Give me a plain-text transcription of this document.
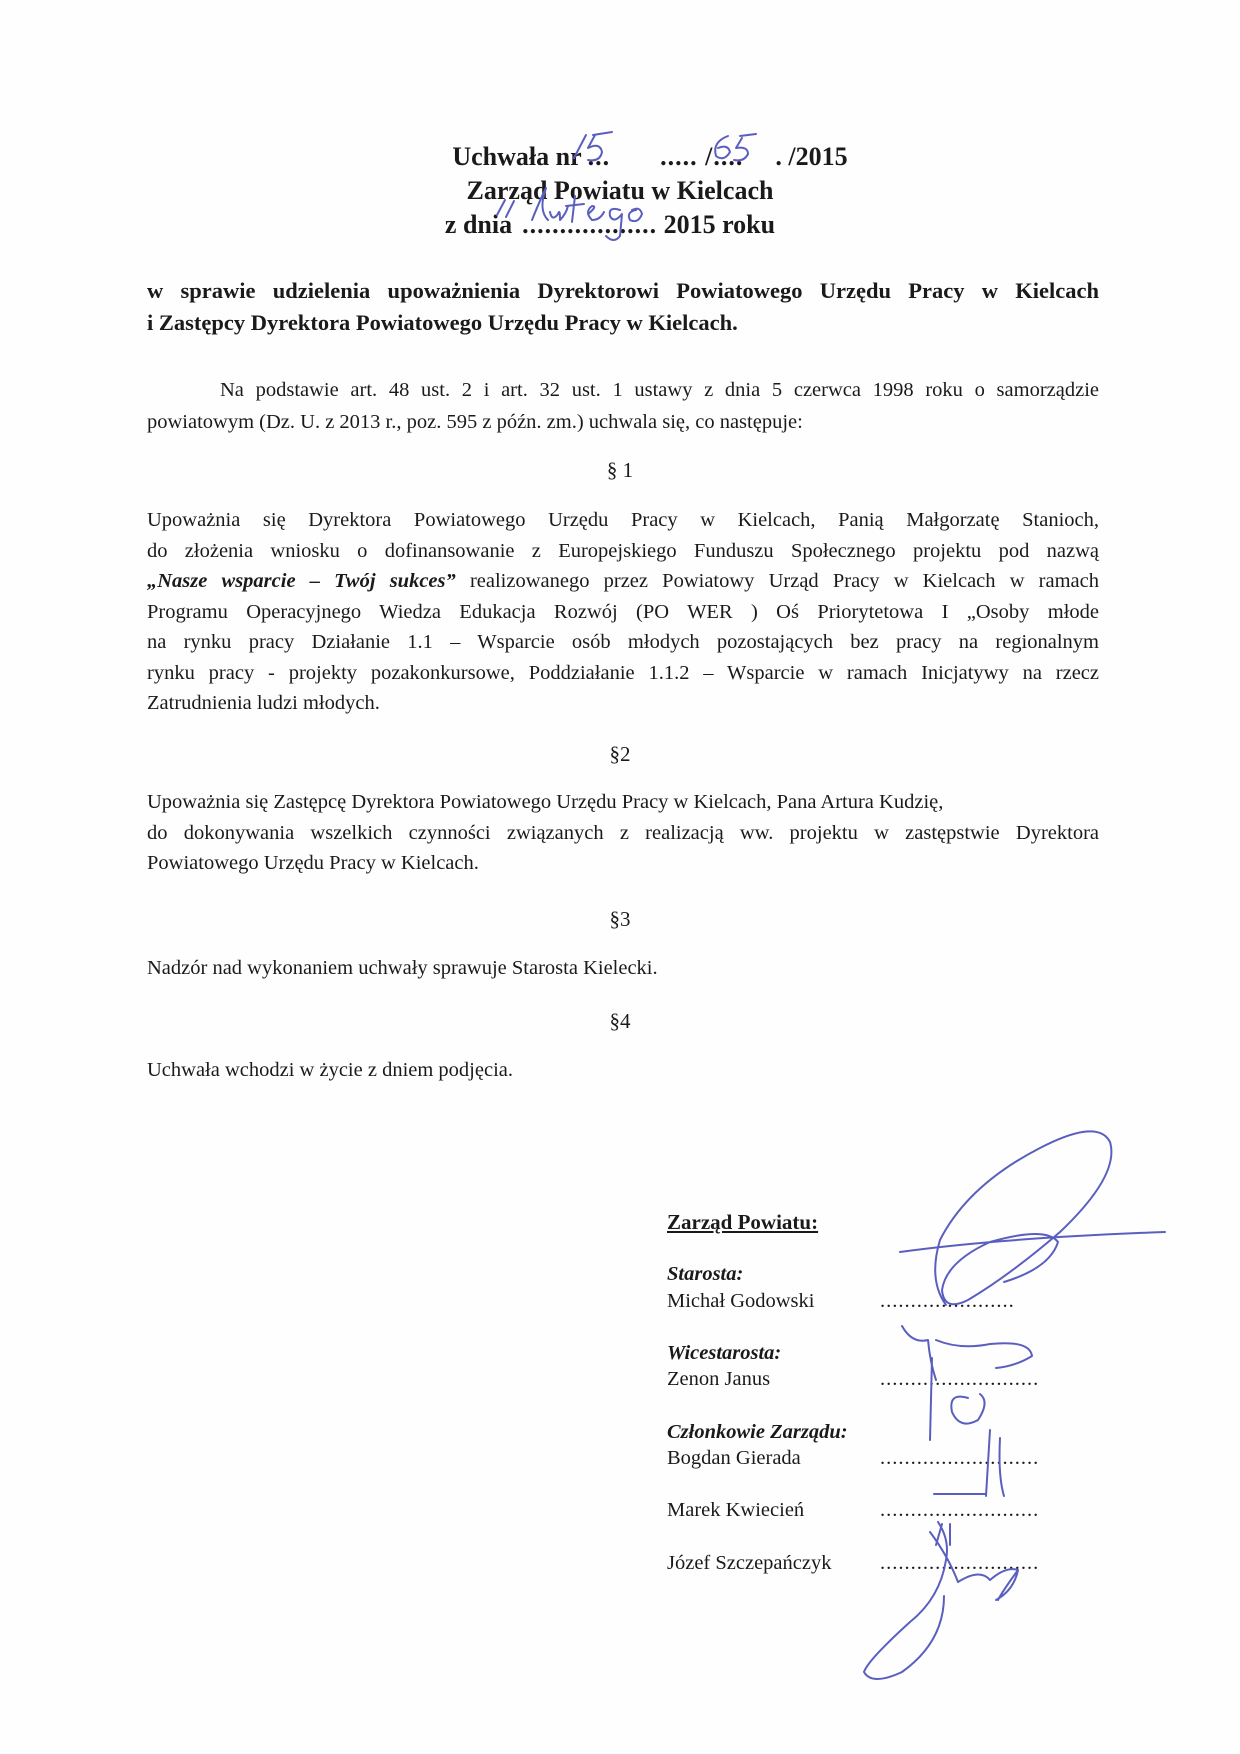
Uchwała nr ... ..... /.... . /2015
Zarząd Powiatu w Kielcach
z dnia .................. 2015 roku
w sprawie udzielenia upoważnienia Dyrektorowi Powiatowego Urzędu Pracy w Kielcach
i Zastępcy Dyrektora Powiatowego Urzędu Pracy w Kielcach.
Na podstawie art. 48 ust. 2 i art. 32 ust. 1 ustawy z dnia 5 czerwca 1998 roku o samorządzie
powiatowym (Dz. U. z 2013 r., poz. 595 z późn. zm.) uchwala się, co następuje:
§ 1
Upoważnia się Dyrektora Powiatowego Urzędu Pracy w Kielcach, Panią Małgorzatę Stanioch,
do złożenia wniosku o dofinansowanie z Europejskiego Funduszu Społecznego projektu pod nazwą
„Nasze wsparcie – Twój sukces” realizowanego przez Powiatowy Urząd Pracy w Kielcach w ramach
Programu Operacyjnego Wiedza Edukacja Rozwój (PO WER ) Oś Priorytetowa I „Osoby młode
na rynku pracy Działanie 1.1 – Wsparcie osób młodych pozostających bez pracy na regionalnym
rynku pracy - projekty pozakonkursowe, Poddziałanie 1.1.2 – Wsparcie w ramach Inicjatywy na rzecz
Zatrudnienia ludzi młodych.
§2
Upoważnia się Zastępcę Dyrektora Powiatowego Urzędu Pracy w Kielcach, Pana Artura Kudzię,
do dokonywania wszelkich czynności związanych z realizacją ww. projektu w zastępstwie Dyrektora
Powiatowego Urzędu Pracy w Kielcach.
§3
Nadzór nad wykonaniem uchwały sprawuje Starosta Kielecki.
§4
Uchwała wchodzi w życie z dniem podjęcia.
Zarząd Powiatu:
Starosta:
Michał Godowski	......................
Wicestarosta:
Zenon Janus	..........................
Członkowie Zarządu:
Bogdan Gierada	..........................
Marek Kwiecień	..........................
Józef Szczepańczyk ..........................
